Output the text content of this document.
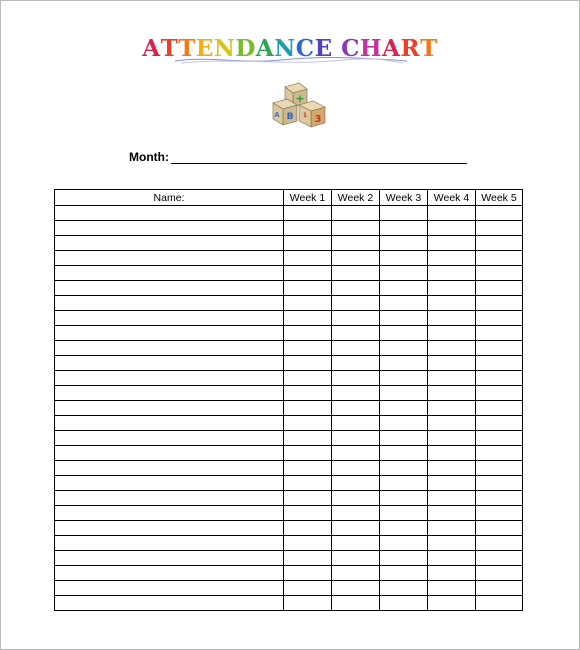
ATTENDANCE CHART
+
A B 3
1
Month:
Name:	Week 1	Week 2	Week 3	Week 4	Week 5
